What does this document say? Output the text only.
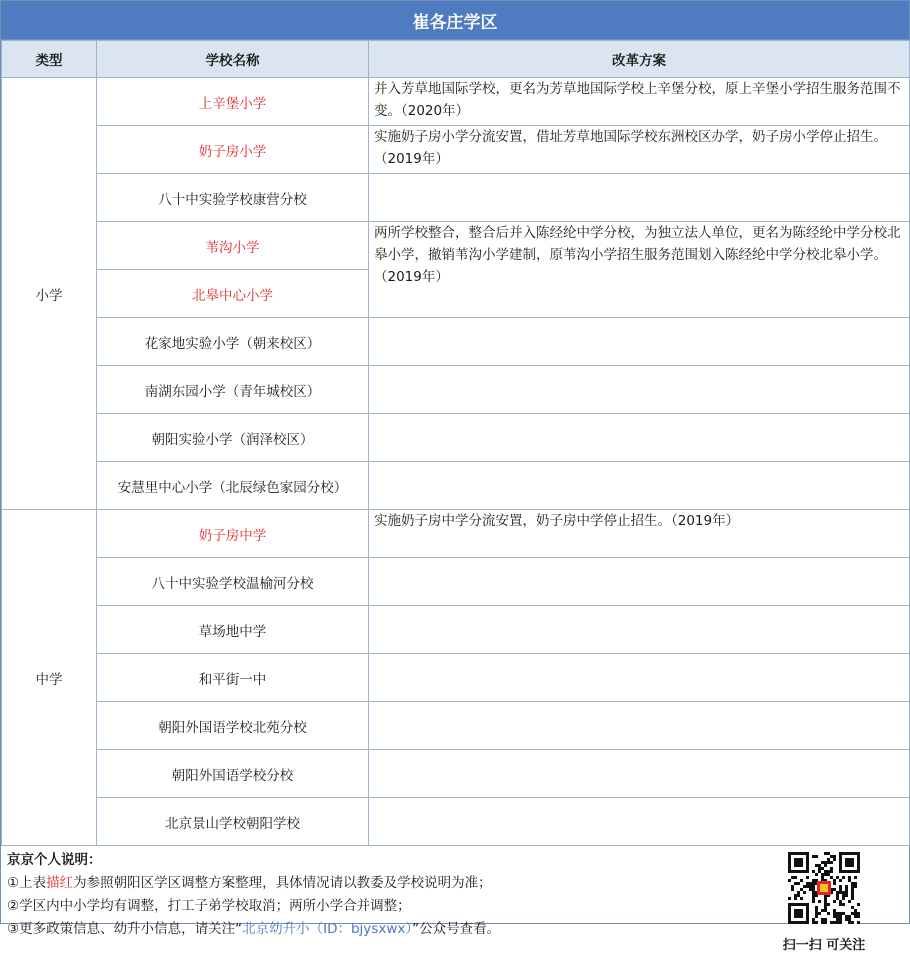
崔各庄学区
类型	学校名称	改革方案
小学	上辛堡小学	并入芳草地国际学校，更名为芳草地国际学校上辛堡分校，原上辛堡小学招生服务范围不变。（2020年）
	奶子房小学	实施奶子房小学分流安置，借址芳草地国际学校东洲校区办学，奶子房小学停止招生。（2019年）
	八十中实验学校康营分校	
	苇沟小学	两所学校整合，整合后并入陈经纶中学分校，为独立法人单位，更名为陈经纶中学分校北皋小学，撤销苇沟小学建制，原苇沟小学招生服务范围划入陈经纶中学分校北皋小学。（2019年）
	北皋中心小学	
	花家地实验小学（朝来校区）	
	南湖东园小学（青年城校区）	
	朝阳实验小学（润泽校区）	
	安慧里中心小学（北辰绿色家园分校）	
中学	奶子房中学	实施奶子房中学分流安置，奶子房中学停止招生。（2019年）
	八十中实验学校温榆河分校	
	草场地中学	
	和平街一中	
	朝阳外国语学校北苑分校	
	朝阳外国语学校分校	
	北京景山学校朝阳学校	
京京个人说明：
①上表描红为参照朝阳区学区调整方案整理，具体情况请以教委及学校说明为准；
②学区内中小学均有调整，打工子弟学校取消；两所小学合并调整；
③更多政策信息、幼升小信息，请关注“北京幼升小（ID：bjysxwx）”公众号查看。
扫一扫 可关注
